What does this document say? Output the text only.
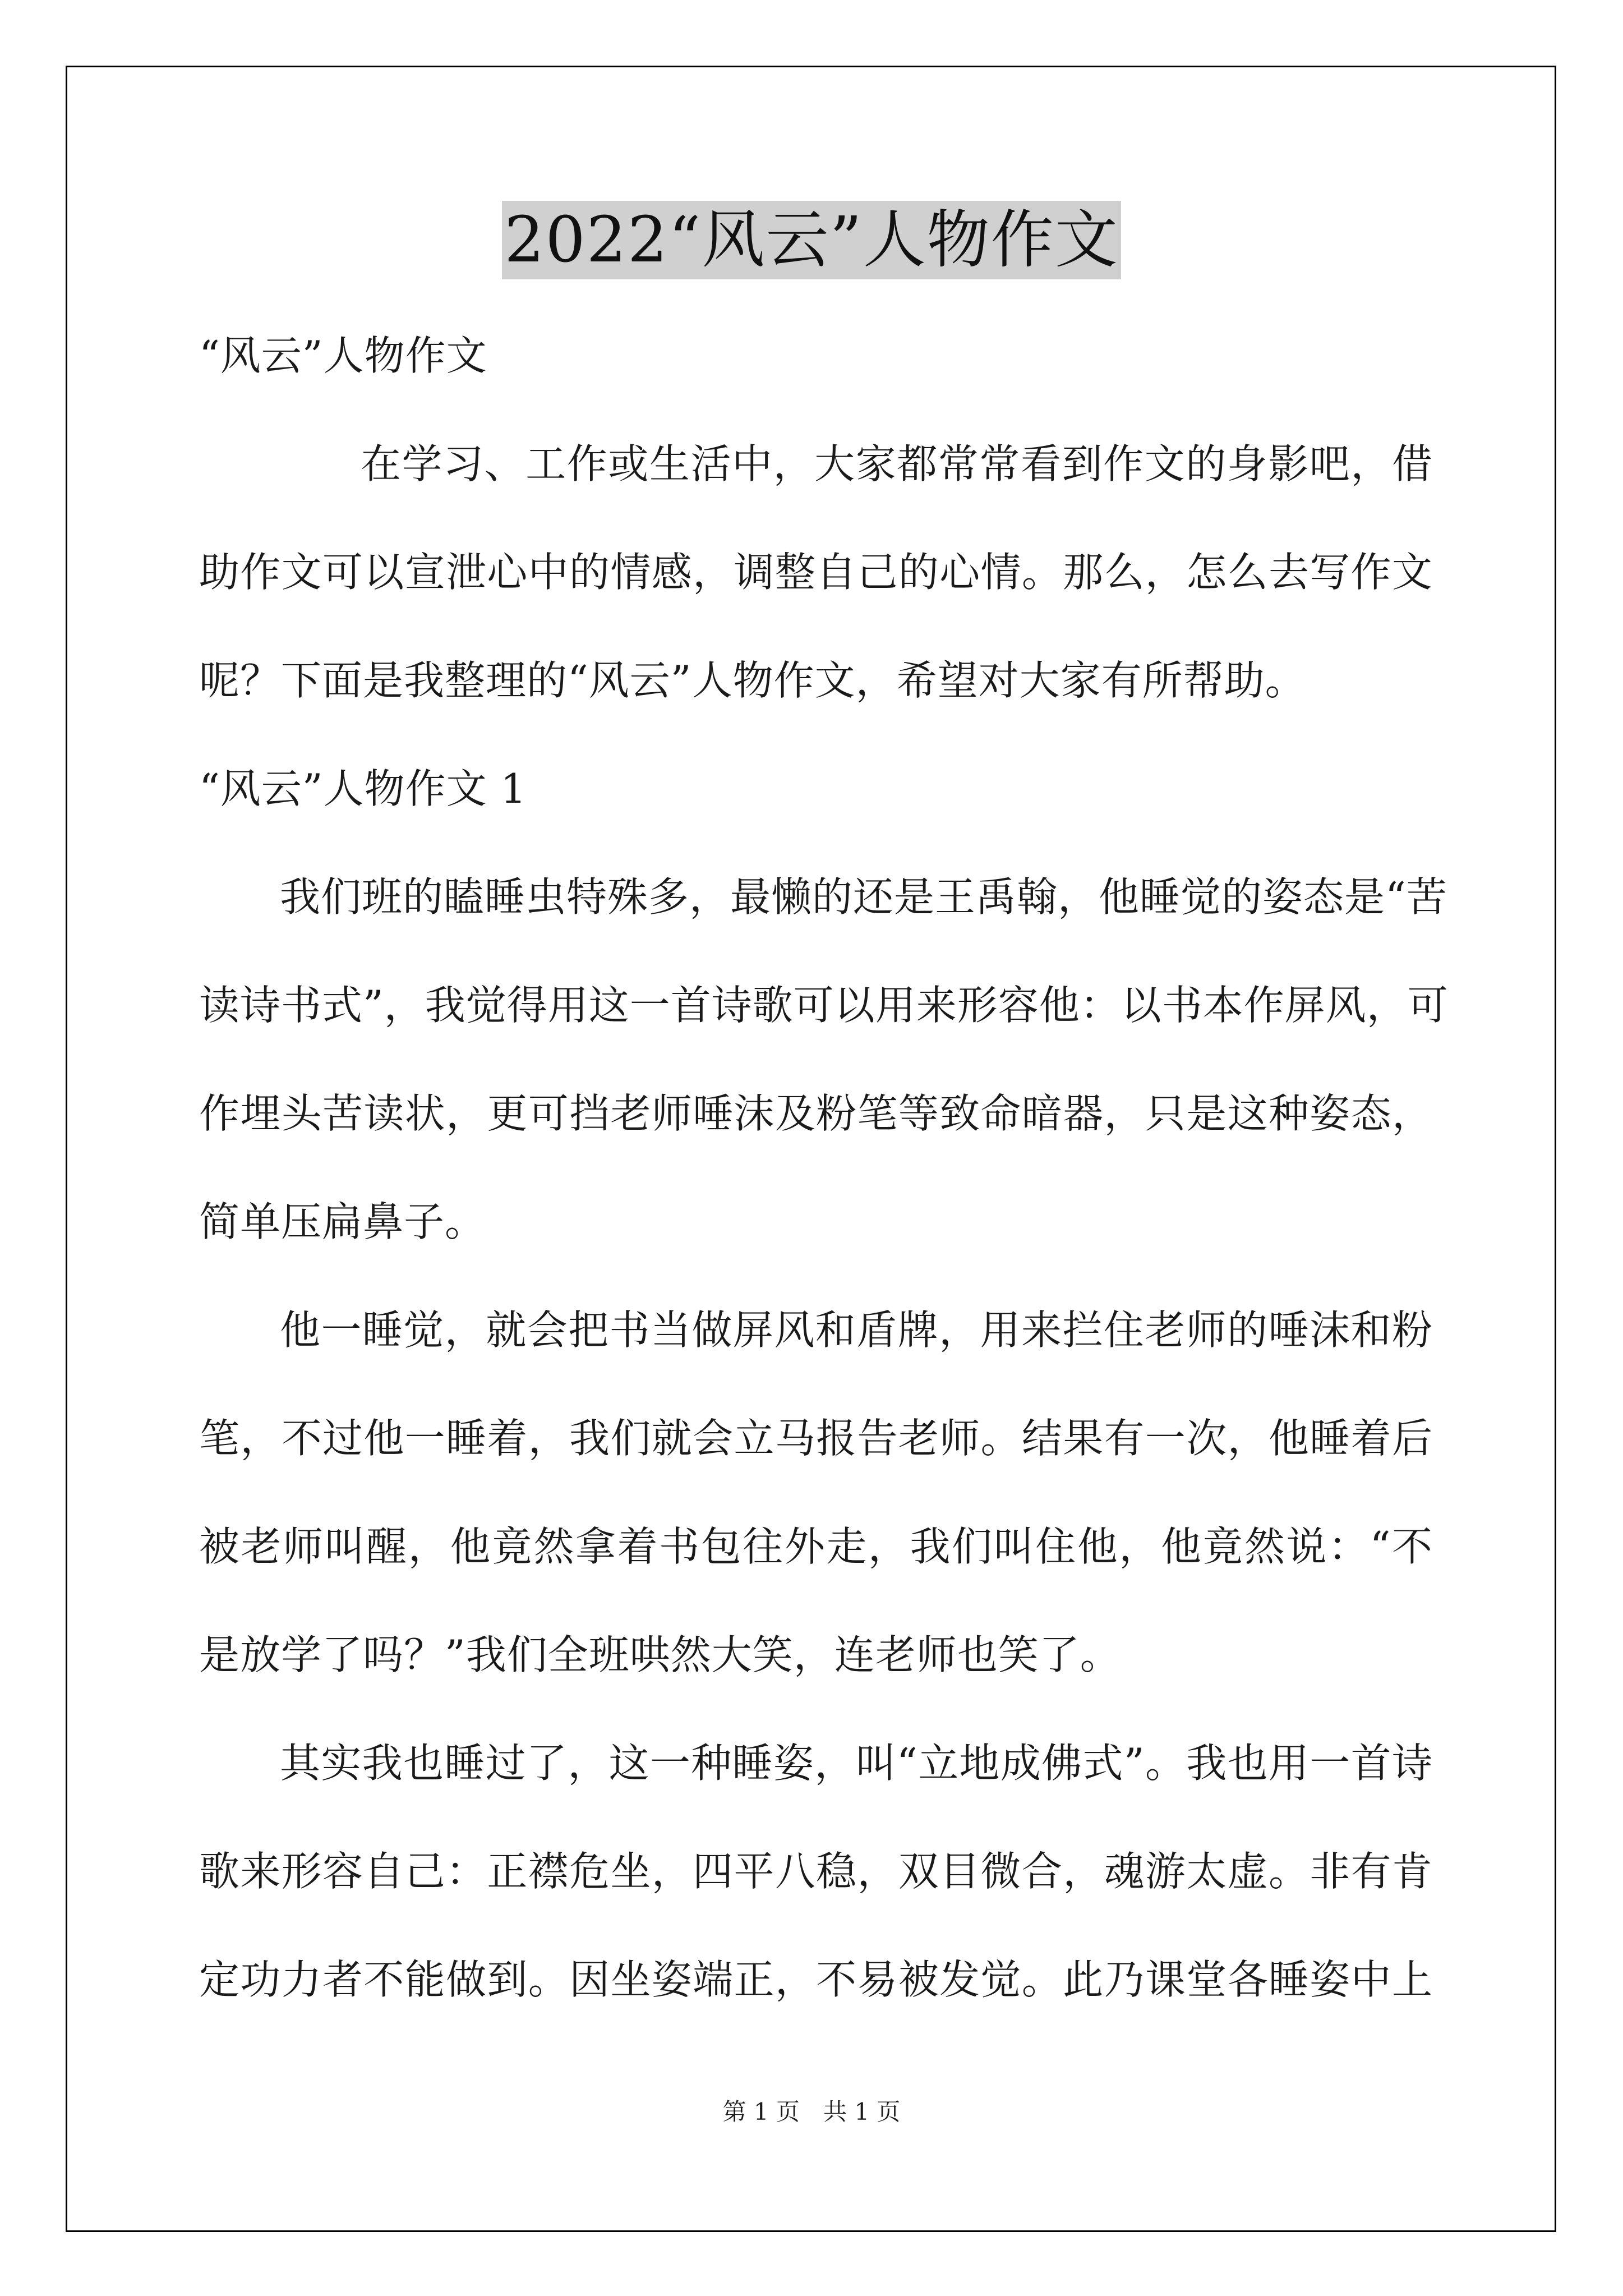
2022“风云”人物作文
“风云”人物作文
在学习、工作或生活中，大家都常常看到作文的身影吧，借
助作文可以宣泄心中的情感，调整自己的心情。那么，怎么去写作文
呢？下面是我整理的“风云”人物作文，希望对大家有所帮助。
“风云”人物作文 1
我们班的瞌睡虫特殊多，最懒的还是王禹翰，他睡觉的姿态是“苦
读诗书式”，我觉得用这一首诗歌可以用来形容他：以书本作屏风，可
作埋头苦读状，更可挡老师唾沫及粉笔等致命暗器，只是这种姿态，
简单压扁鼻子。
他一睡觉，就会把书当做屏风和盾牌，用来拦住老师的唾沫和粉
笔，不过他一睡着，我们就会立马报告老师。结果有一次，他睡着后
被老师叫醒，他竟然拿着书包往外走，我们叫住他，他竟然说：“不
是放学了吗？”我们全班哄然大笑，连老师也笑了。
其实我也睡过了，这一种睡姿，叫“立地成佛式”。我也用一首诗
歌来形容自己：正襟危坐，四平八稳，双目微合，魂游太虚。非有肯
定功力者不能做到。因坐姿端正，不易被发觉。此乃课堂各睡姿中上
第 1 页 共 1 页
